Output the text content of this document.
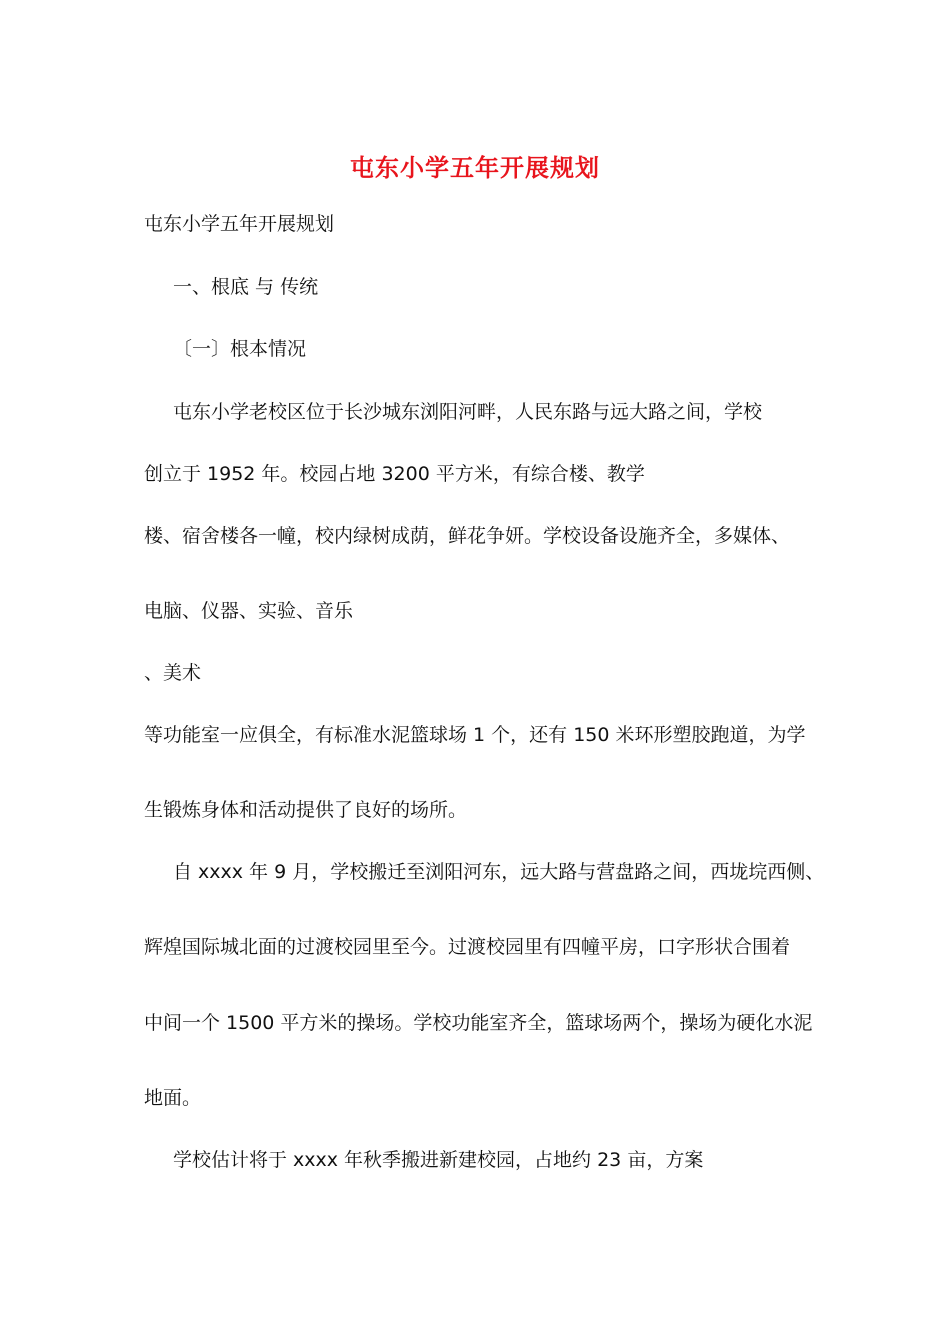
屯东小学五年开展规划
屯东小学五年开展规划
一、根底 与 传统
〔一〕根本情况
屯东小学老校区位于长沙城东浏阳河畔，人民东路与远大路之间，学校
创立于 1952 年。校园占地 3200 平方米，有综合楼、教学
楼、宿舍楼各一幢，校内绿树成荫，鲜花争妍。学校设备设施齐全，多媒体、
电脑、仪器、实验、音乐
、美术
等功能室一应俱全，有标准水泥篮球场 1 个，还有 150 米环形塑胶跑道，为学
生锻炼身体和活动提供了良好的场所。
自 xxxx 年 9 月，学校搬迁至浏阳河东，远大路与营盘路之间，西垅垸西侧、
辉煌国际城北面的过渡校园里至今。过渡校园里有四幢平房，口字形状合围着
中间一个 1500 平方米的操场。学校功能室齐全，篮球场两个，操场为硬化水泥
地面。
学校估计将于 xxxx 年秋季搬进新建校园，占地约 23 亩，方案
